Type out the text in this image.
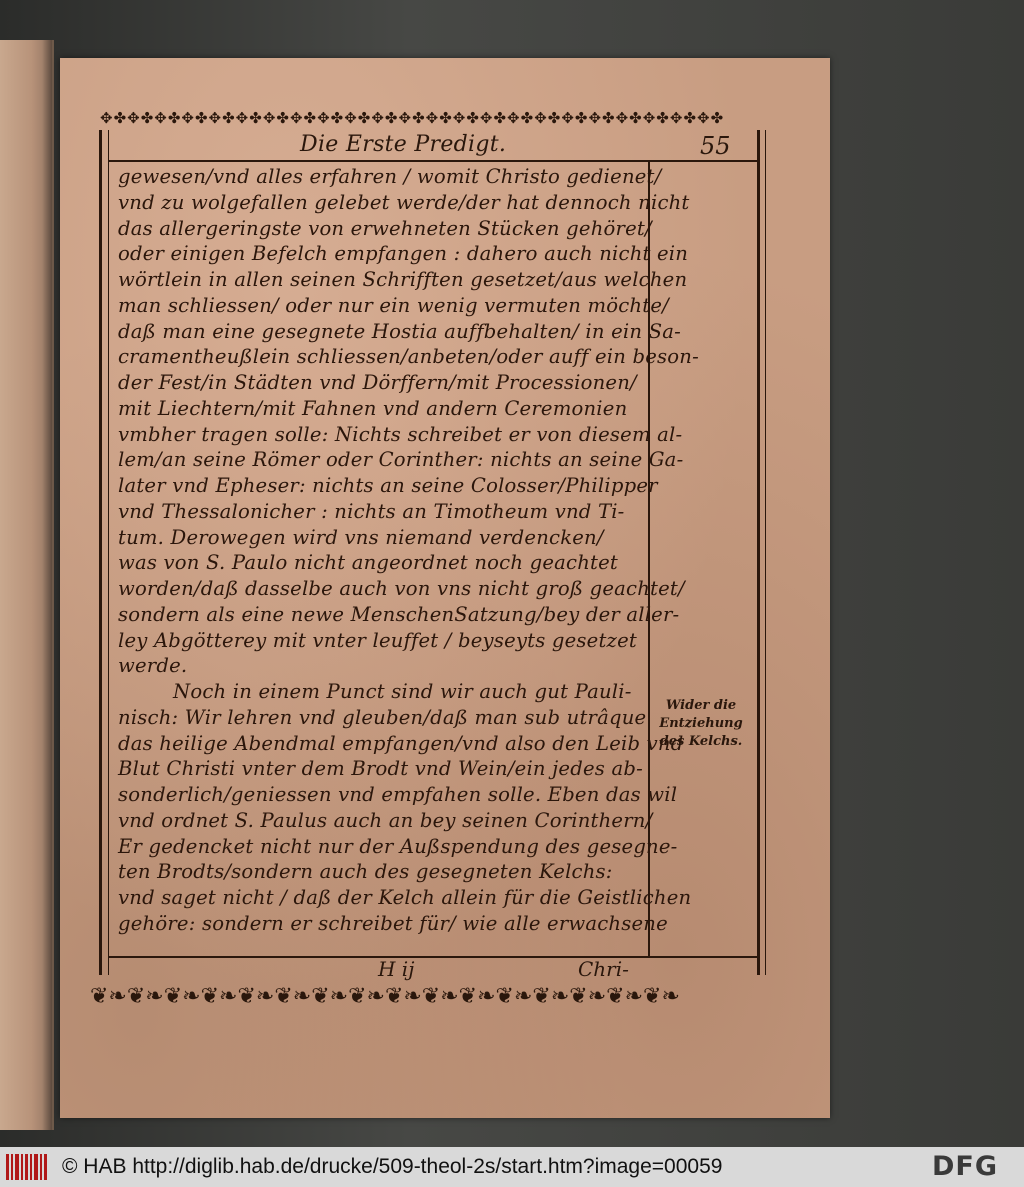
✥✤✥✤✥✤✥✤✥✤✥✤✥✤✥✤✥✤✥✤✥✤✥✤✥✤✥✤✥✤✥✤✥✤✥✤✥✤✥✤✥✤✥✤✥✤
Die Erste Predigt.	55
gewesen/vnd alles erfahren / womit Christo gedienet/
vnd zu wolgefallen gelebet werde/der hat dennoch nicht
das allergeringste von erwehneten Stücken gehöret/
oder einigen Befelch empfangen : dahero auch nicht ein
wörtlein in allen seinen Schrifften gesetzet/aus welchen
man schliessen/ oder nur ein wenig vermuten möchte/
daß man eine gesegnete Hostia auffbehalten/ in ein Sa-
cramentheußlein schliessen/anbeten/oder auff ein beson-
der Fest/in Städten vnd Dörffern/mit Processionen/
mit Liechtern/mit Fahnen vnd andern Ceremonien
vmbher tragen solle: Nichts schreibet er von diesem al-
lem/an seine Römer oder Corinther: nichts an seine Ga-
later vnd Epheser: nichts an seine Colosser/Philipper
vnd Thessalonicher : nichts an Timotheum vnd Ti-
tum. Derowegen wird vns niemand verdencken/
was von S. Paulo nicht angeordnet noch geachtet
worden/daß dasselbe auch von vns nicht groß geachtet/
sondern als eine newe MenschenSatzung/bey der aller-
ley Abgötterey mit vnter leuffet / beyseyts gesetzet
werde.
Noch in einem Punct sind wir auch gut Pauli-
nisch: Wir lehren vnd gleuben/daß man sub utrâque
das heilige Abendmal empfangen/vnd also den Leib vnd
Blut Christi vnter dem Brodt vnd Wein/ein jedes ab-
sonderlich/geniessen vnd empfahen solle. Eben das wil
vnd ordnet S. Paulus auch an bey seinen Corinthern/
Er gedencket nicht nur der Außspendung des gesegne-
ten Brodts/sondern auch des gesegneten Kelchs:
vnd saget nicht / daß der Kelch allein für die Geistlichen
gehöre: sondern er schreibet für/ wie alle erwachsene
Wider die
Entziehung
des Kelchs.
H ij	Chri-
❦❧❦❧❦❧❦❧❦❧❦❧❦❧❦❧❦❧❦❧❦❧❦❧❦❧❦❧❦❧❦❧
© HAB http://diglib.hab.de/drucke/509-theol-2s/start.htm?image=00059	DFG
